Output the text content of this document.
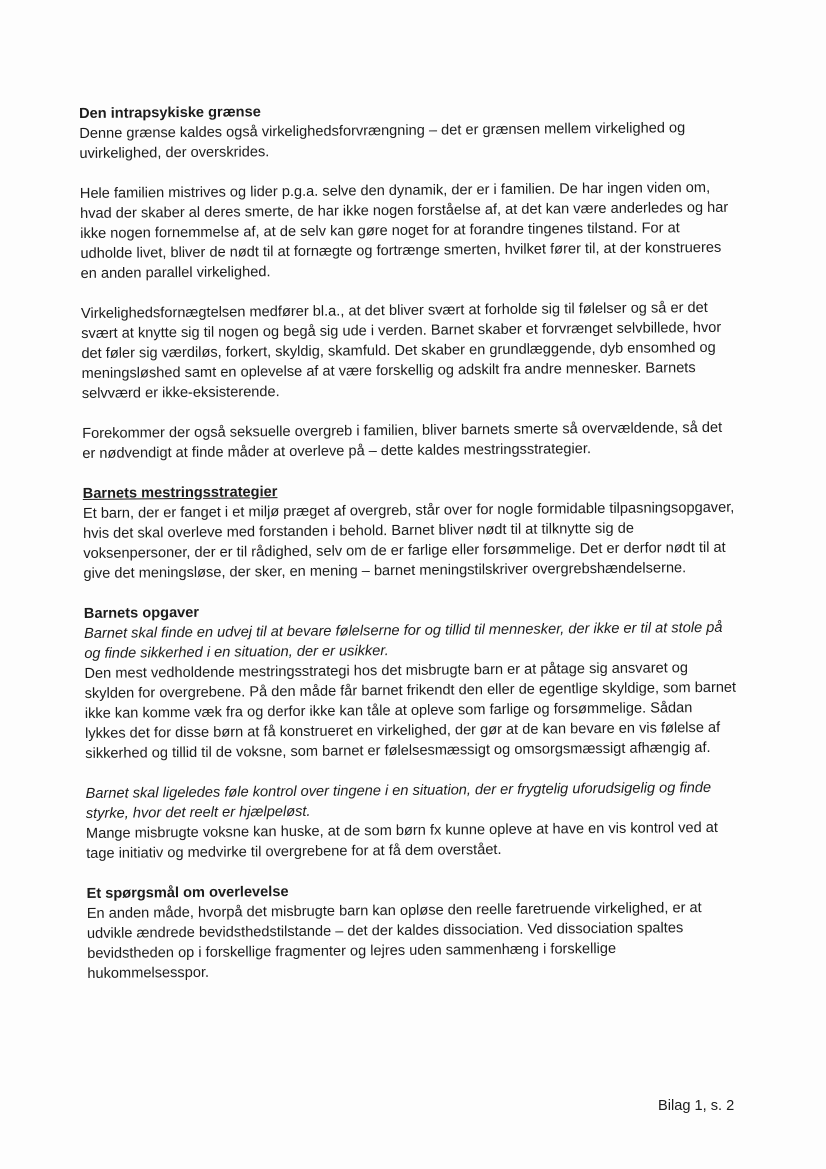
Den intrapsykiske grænse

Denne grænse kaldes også virkelighedsforvrængning – det er grænsen mellem virkelighed og uvirkelighed, der overskrides.

Hele familien mistrives og lider p.g.a. selve den dynamik, der er i familien. De har ingen viden om, hvad der skaber al deres smerte, de har ikke nogen forståelse af, at det kan være anderledes og har ikke nogen fornemmelse af, at de selv kan gøre noget for at forandre tingenes tilstand. For at udholde livet, bliver de nødt til at fornægte og fortrænge smerten, hvilket fører til, at der konstrueres en anden parallel virkelighed.

Virkelighedsfornægtelsen medfører bl.a., at det bliver svært at forholde sig til følelser og så er det svært at knytte sig til nogen og begå sig ude i verden. Barnet skaber et forvrænget selvbillede, hvor det føler sig værdiløs, forkert, skyldig, skamfuld. Det skaber en grundlæggende, dyb ensomhed og meningsløshed samt en oplevelse af at være forskellig og adskilt fra andre mennesker. Barnets selvværd er ikke-eksisterende.

Forekommer der også seksuelle overgreb i familien, bliver barnets smerte så overvældende, så det er nødvendigt at finde måder at overleve på – dette kaldes mestringsstrategier.

Barnets mestringsstrategier

Et barn, der er fanget i et miljø præget af overgreb, står over for nogle formidable tilpasningsopgaver, hvis det skal overleve med forstanden i behold. Barnet bliver nødt til at tilknytte sig de voksenpersoner, der er til rådighed, selv om de er farlige eller forsømmelige. Det er derfor nødt til at give det meningsløse, der sker, en mening – barnet meningstilskriver overgrebshændelserne.

Barnets opgaver
Barnet skal finde en udvej til at bevare følelserne for og tillid til mennesker, der ikke er til at stole på og finde sikkerhed i en situation, der er usikker.

Den mest vedholdende mestringsstrategi hos det misbrugte barn er at påtage sig ansvaret og skylden for overgrebene. På den måde får barnet frikendt den eller de egentlige skyldige, som barnet ikke kan komme væk fra og derfor ikke kan tåle at opleve som farlige og forsømmelige. Sådan lykkes det for disse børn at få konstrueret en virkelighed, der gør at de kan bevare en vis følelse af sikkerhed og tillid til de voksne, som barnet er følelsesmæssigt og omsorgsmæssigt afhængig af.

Barnet skal ligeledes føle kontrol over tingene i en situation, der er frygtelig uforudsigelig og finde styrke, hvor det reelt er hjælpeløst.

Mange misbrugte voksne kan huske, at de som børn fx kunne opleve at have en vis kontrol ved at tage initiativ og medvirke til overgrebene for at få dem overstået.

Et spørgsmål om overlevelse

En anden måde, hvorpå det misbrugte barn kan opløse den reelle faretruende virkelighed, er at udvikle ændrede bevidsthedstilstande – det der kaldes dissociation. Ved dissociation spaltes bevidstheden op i forskellige fragmenter og lejres uden sammenhæng i forskellige hukommelsesspor.

Bilag 1, s. 2
